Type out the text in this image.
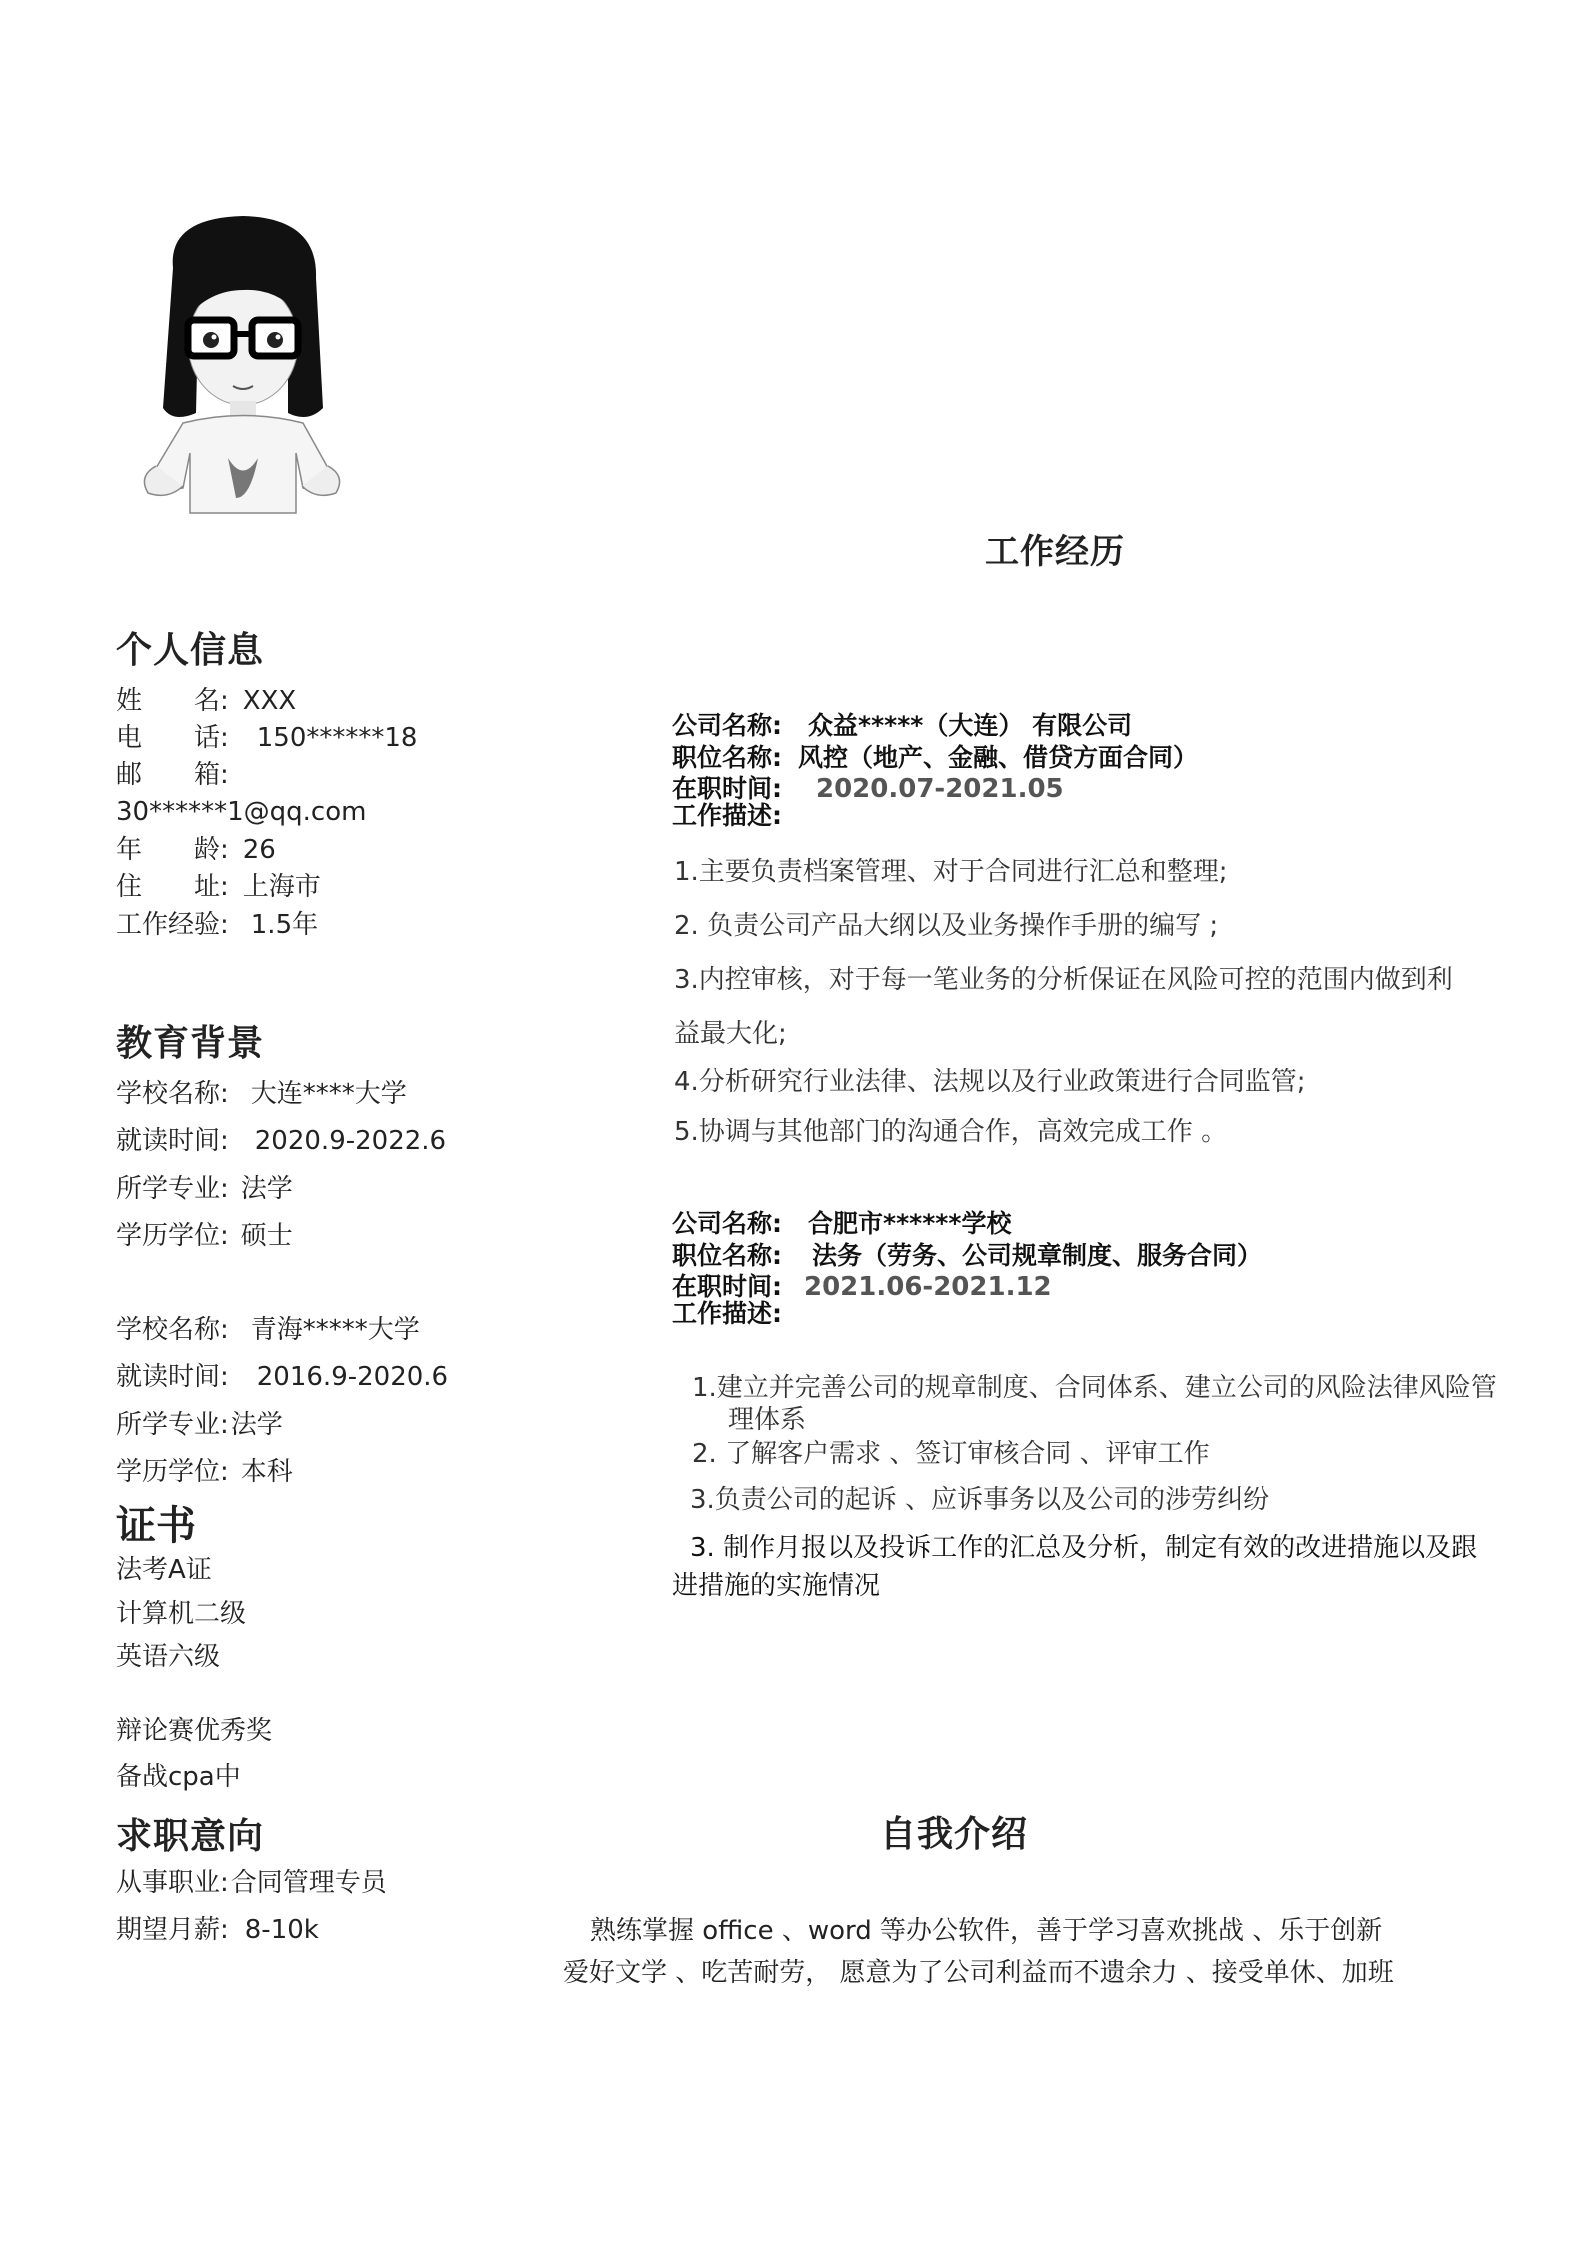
工作经历
个人信息
姓　　名: XXX
电　　话: 150******18
邮　　箱:
30******1@qq.com
年　　龄: 26
住　　址: 上海市
工作经验: 1.5年
教育背景
学校名称: 大连****大学
就读时间: 2020.9-2022.6
所学专业: 法学
学历学位: 硕士
学校名称: 青海*****大学
就读时间: 2016.9-2020.6
所学专业:法学
学历学位: 本科
证书
法考A证
计算机二级
英语六级
辩论赛优秀奖
备战cpa中
求职意向
从事职业:合同管理专员
期望月薪: 8-10k
公司名称: 众益*****（大连） 有限公司
职位名称: 风控（地产、金融、借贷方面合同）
在职时间: 2020.07-2021.05
工作描述:
1.主要负责档案管理、对于合同进行汇总和整理;
2. 负责公司产品大纲以及业务操作手册的编写 ;
3.内控审核，对于每一笔业务的分析保证在风险可控的范围内做到利
益最大化;
4.分析研究行业法律、法规以及行业政策进行合同监管;
5.协调与其他部门的沟通合作，高效完成工作 。
公司名称: 合肥市******学校
职位名称: 法务（劳务、公司规章制度、服务合同）
在职时间: 2021.06-2021.12
工作描述:
1.建立并完善公司的规章制度、合同体系、建立公司的风险法律风险管
理体系
2. 了解客户需求 、签订审核合同 、评审工作
3.负责公司的起诉 、应诉事务以及公司的涉劳纠纷
3. 制作月报以及投诉工作的汇总及分析，制定有效的改进措施以及跟
进措施的实施情况
自我介绍
熟练掌握 office 、word 等办公软件，善于学习喜欢挑战 、乐于创新
爱好文学 、吃苦耐劳， 愿意为了公司利益而不遗余力 、接受单休、加班
